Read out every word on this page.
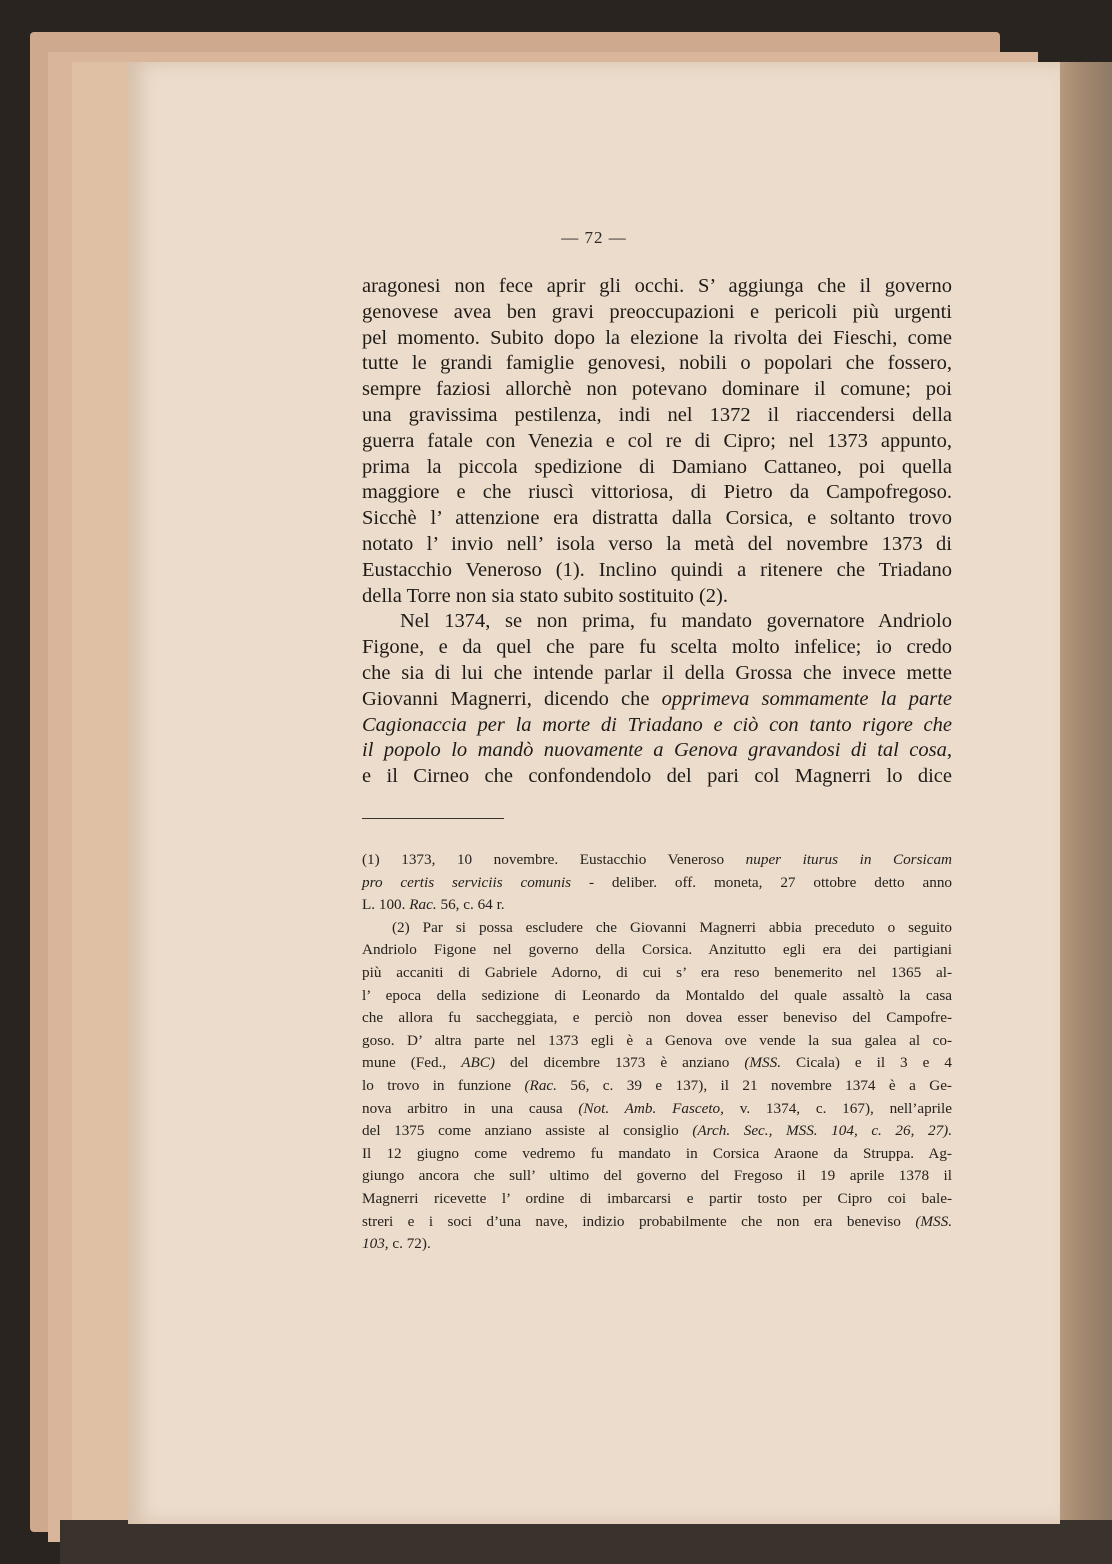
— 72 —
aragonesi non fece aprir gli occhi. S’ aggiunga che il governo
genovese avea ben gravi preoccupazioni e pericoli più urgenti
pel momento. Subito dopo la elezione la rivolta dei Fieschi, come
tutte le grandi famiglie genovesi, nobili o popolari che fossero,
sempre faziosi allorchè non potevano dominare il comune; poi
una gravissima pestilenza, indi nel 1372 il riaccendersi della
guerra fatale con Venezia e col re di Cipro; nel 1373 appunto,
prima la piccola spedizione di Damiano Cattaneo, poi quella
maggiore e che riuscì vittoriosa, di Pietro da Campofregoso.
Sicchè l’ attenzione era distratta dalla Corsica, e soltanto trovo
notato l’ invio nell’ isola verso la metà del novembre 1373 di
Eustacchio Veneroso (1). Inclino quindi a ritenere che Triadano
della Torre non sia stato subito sostituito (2).
Nel 1374, se non prima, fu mandato governatore Andriolo
Figone, e da quel che pare fu scelta molto infelice; io credo
che sia di lui che intende parlar il della Grossa che invece mette
Giovanni Magnerri, dicendo che opprimeva sommamente la parte
Cagionaccia per la morte di Triadano e ciò con tanto rigore che
il popolo lo mandò nuovamente a Genova gravandosi di tal cosa,
e il Cirneo che confondendolo del pari col Magnerri lo dice
(1) 1373, 10 novembre. Eustacchio Veneroso nuper iturus in Corsicam
pro certis serviciis comunis - deliber. off. moneta, 27 ottobre detto anno
L. 100. Rac. 56, c. 64 r.
(2) Par si possa escludere che Giovanni Magnerri abbia preceduto o seguito
Andriolo Figone nel governo della Corsica. Anzitutto egli era dei partigiani
più accaniti di Gabriele Adorno, di cui s’ era reso benemerito nel 1365 al-
l’ epoca della sedizione di Leonardo da Montaldo del quale assaltò la casa
che allora fu saccheggiata, e perciò non dovea esser beneviso del Campofre-
goso. D’ altra parte nel 1373 egli è a Genova ove vende la sua galea al co-
mune (Fed., ABC) del dicembre 1373 è anziano (MSS. Cicala) e il 3 e 4
lo trovo in funzione (Rac. 56, c. 39 e 137), il 21 novembre 1374 è a Ge-
nova arbitro in una causa (Not. Amb. Fasceto, v. 1374, c. 167), nell’aprile
del 1375 come anziano assiste al consiglio (Arch. Sec., MSS. 104, c. 26, 27).
Il 12 giugno come vedremo fu mandato in Corsica Araone da Struppa. Ag-
giungo ancora che sull’ ultimo del governo del Fregoso il 19 aprile 1378 il
Magnerri ricevette l’ ordine di imbarcarsi e partir tosto per Cipro coi bale-
streri e i soci d’una nave, indizio probabilmente che non era beneviso (MSS.
103, c. 72).
